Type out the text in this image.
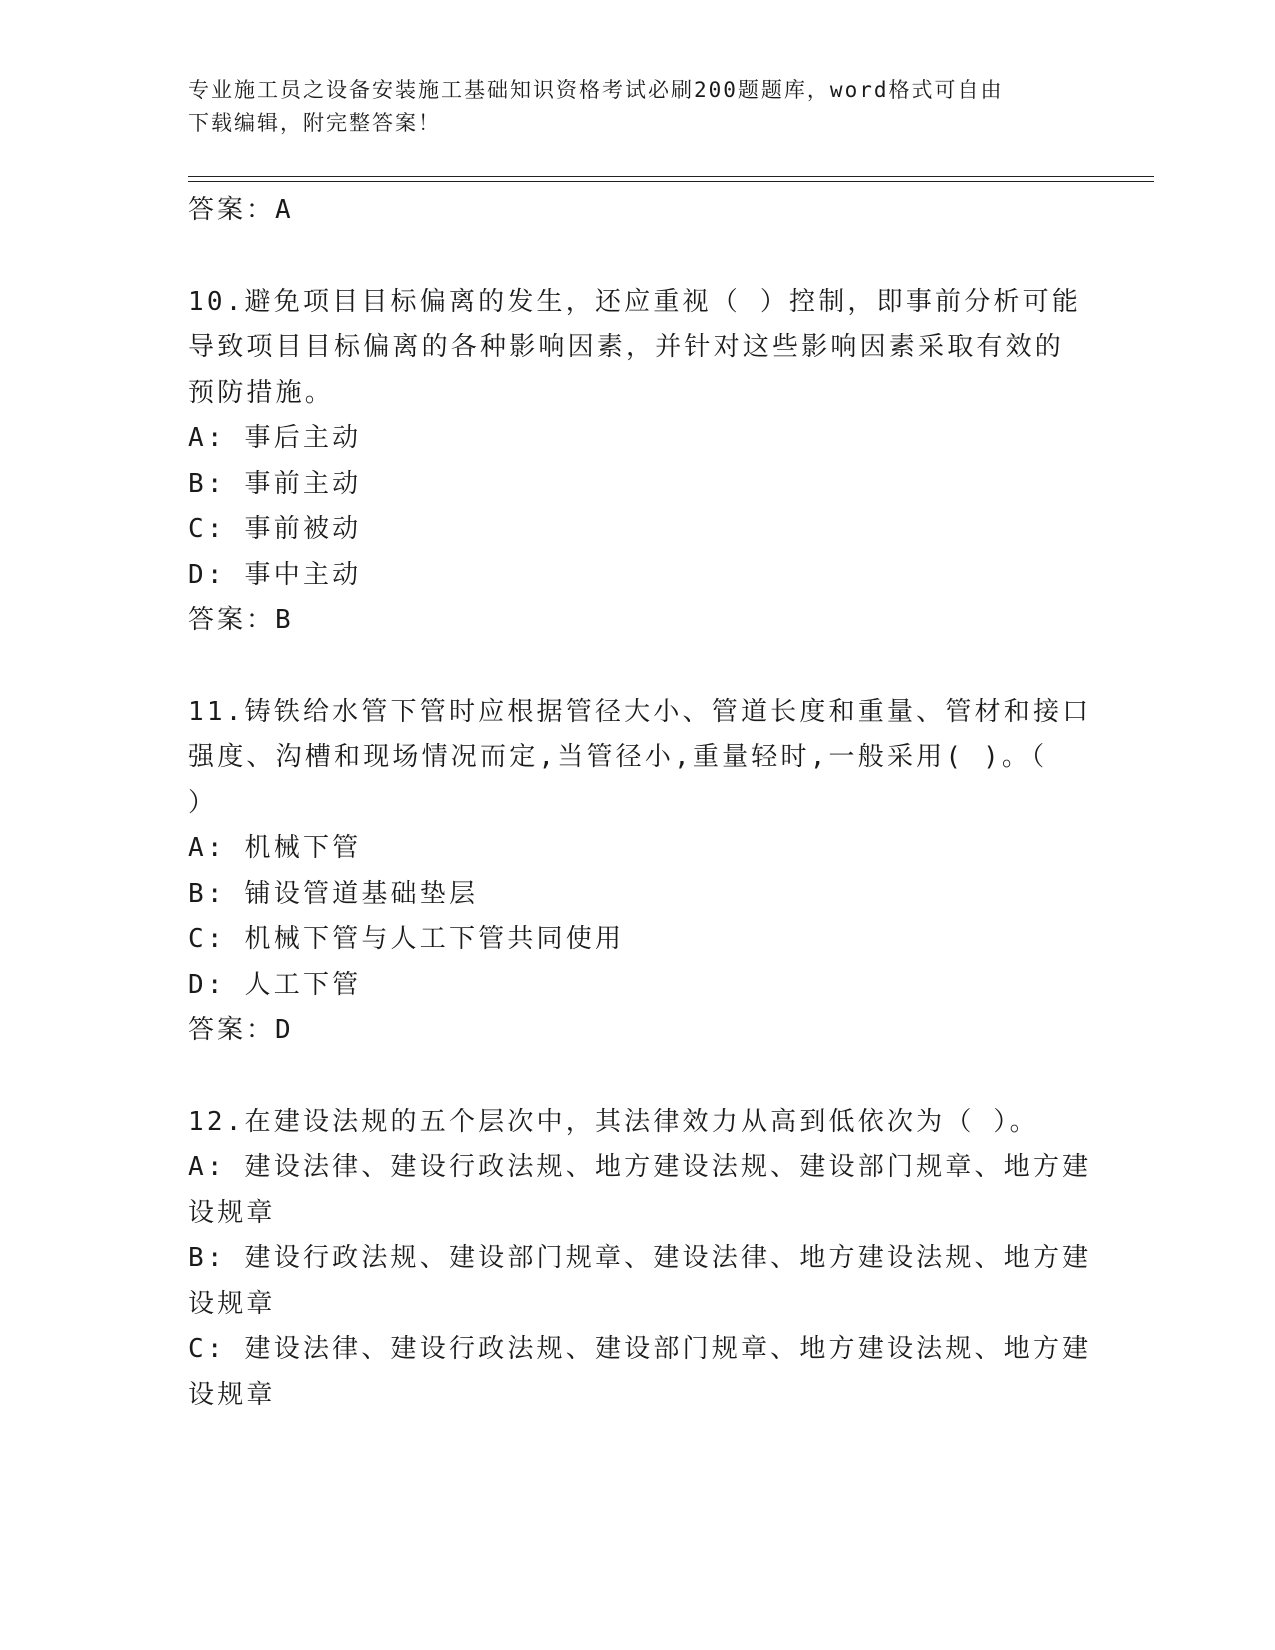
专业施工员之设备安装施工基础知识资格考试必刷200题题库，word格式可自由
下载编辑，附完整答案！
答案：A
10.避免项目目标偏离的发生，还应重视（ ）控制，即事前分析可能
导致项目目标偏离的各种影响因素，并针对这些影响因素采取有效的
预防措施。
A: 事后主动
B: 事前主动
C: 事前被动
D: 事中主动
答案：B
11.铸铁给水管下管时应根据管径大小、管道长度和重量、管材和接口
强度、沟槽和现场情况而定,当管径小,重量轻时,一般采用( )。（
）
A: 机械下管
B: 铺设管道基础垫层
C: 机械下管与人工下管共同使用
D: 人工下管
答案：D
12.在建设法规的五个层次中，其法律效力从高到低依次为（ ）。
A: 建设法律、建设行政法规、地方建设法规、建设部门规章、地方建
设规章
B: 建设行政法规、建设部门规章、建设法律、地方建设法规、地方建
设规章
C: 建设法律、建设行政法规、建设部门规章、地方建设法规、地方建
设规章
